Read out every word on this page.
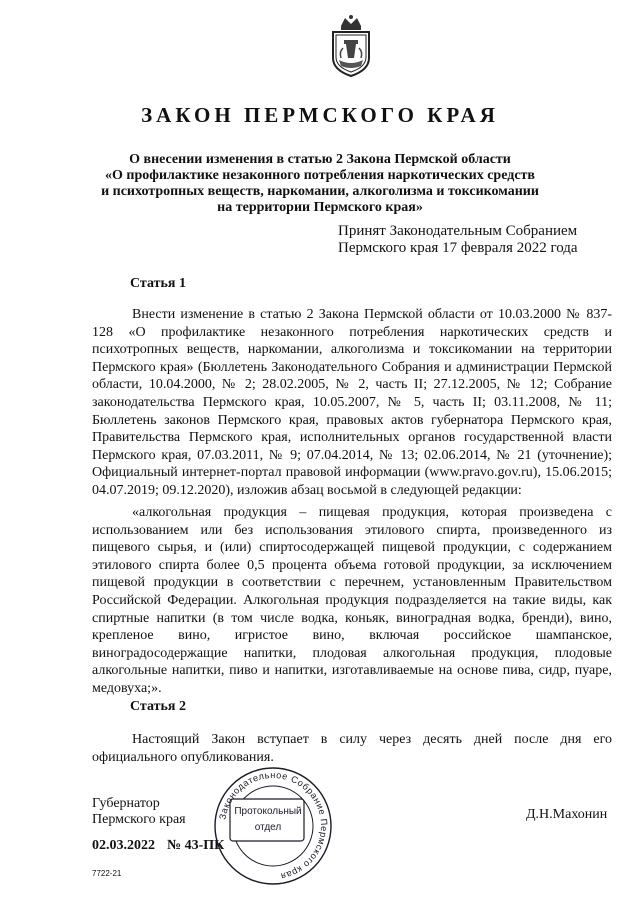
ЗАКОН ПЕРМСКОГО КРАЯ

О внесении изменения в статью 2 Закона Пермской области
«О профилактике незаконного потребления наркотических средств
и психотропных веществ, наркомании, алкоголизма и токсикомании
на территории Пермского края»

Принят Законодательным Собранием
Пермского края 17 февраля 2022 года
Статья 1

Внести изменение в статью 2 Закона Пермской области от 10.03.2000 № 837-128 «О профилактике незаконного потребления наркотических средств и психотропных веществ, наркомании, алкоголизма и токсикомании на территории Пермского края» (Бюллетень Законодательного Собрания и администрации Пермской области, 10.04.2000, № 2; 28.02.2005, № 2, часть II; 27.12.2005, № 12; Собрание законодательства Пермского края, 10.05.2007, № 5, часть II; 03.11.2008, № 11; Бюллетень законов Пермского края, правовых актов губернатора Пермского края, Правительства Пермского края, исполнительных органов государственной власти Пермского края, 07.03.2011, № 9; 07.04.2014, № 13; 02.06.2014, № 21 (уточнение); Официальный интернет-портал правовой информации (www.pravo.gov.ru), 15.06.2015; 04.07.2019; 09.12.2020), изложив абзац восьмой в следующей редакции:

«алкогольная продукция – пищевая продукция, которая произведена с использованием или без использования этилового спирта, произведенного из пищевого сырья, и (или) спиртосодержащей пищевой продукции, с содержанием этилового спирта более 0,5 процента объема готовой продукции, за исключением пищевой продукции в соответствии с перечнем, установленным Правительством Российской Федерации. Алкогольная продукция подразделяется на такие виды, как спиртные напитки (в том числе водка, коньяк, виноградная водка, бренди), вино, крепленое вино, игристое вино, включая российское шампанское, виноградосодержащие напитки, плодовая алкогольная продукция, плодовые алкогольные напитки, пиво и напитки, изготавливаемые на основе пива, сидр, пуаре, медовуха;».

Статья 2

Настоящий Закон вступает в силу через десять дней после дня его официального опубликования.

Губернатор
Пермского края	Д.Н.Махонин
02.03.2022 № 43-ПК
7722-21
Законодательное Собрание Пермского края
Протокольный
отдел
